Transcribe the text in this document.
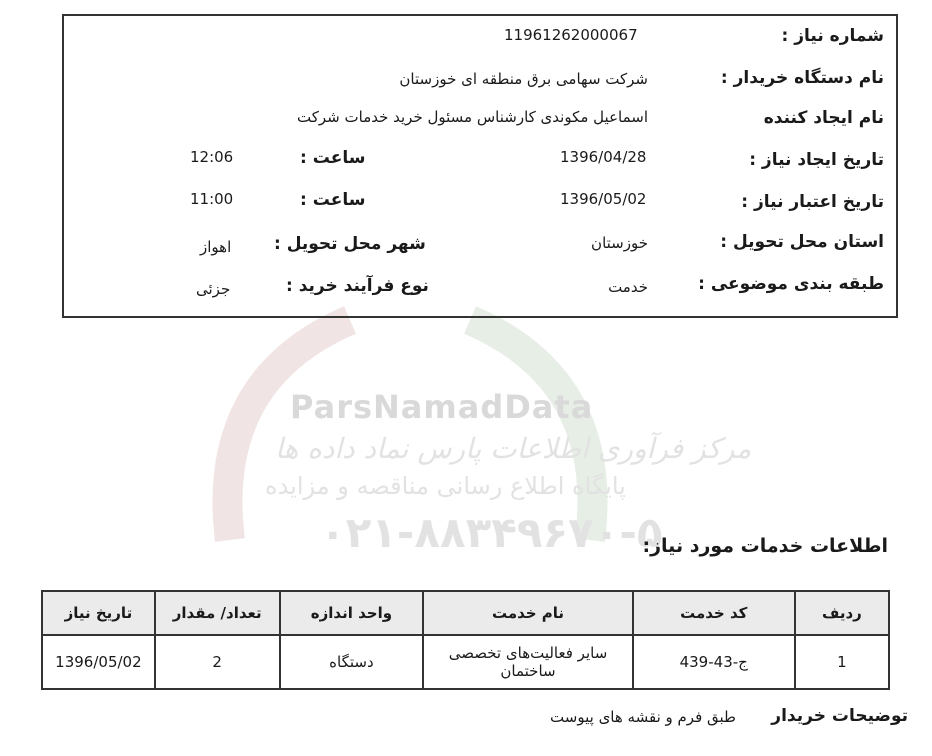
ParsNamadData
مرکز فرآوری اطلاعات پارس نماد داده ها
پایگاه اطلاع رسانی مناقصه و مزایده
۰۲۱-۸۸۳۴۹۶۷۰-۵
شماره نیاز :
11961262000067
نام دستگاه خریدار :
شرکت سهامی برق منطقه ای خوزستان
نام ایجاد کننده
اسماعیل مکوندی کارشناس مسئول خرید خدمات شرکت
تاریخ ایجاد نیاز :
1396/04/28
ساعت :
12:06
تاریخ اعتبار نیاز :
1396/05/02
ساعت :
11:00
استان محل تحویل :
خوزستان
شهر محل تحویل :
اهواز
طبقه بندی موضوعی :
خدمت
نوع فرآیند خرید :
جزئی
اطلاعات خدمات مورد نیاز:
ردیف	کد خدمت	نام خدمت	واحد اندازه	تعداد/ مقدار	تاریخ نیاز
1	ج-43-439	سایر فعالیت‌های تخصصی ساختمان	دستگاه	2	1396/05/02
توضیحات خریدار
طبق فرم و نقشه های پیوست
